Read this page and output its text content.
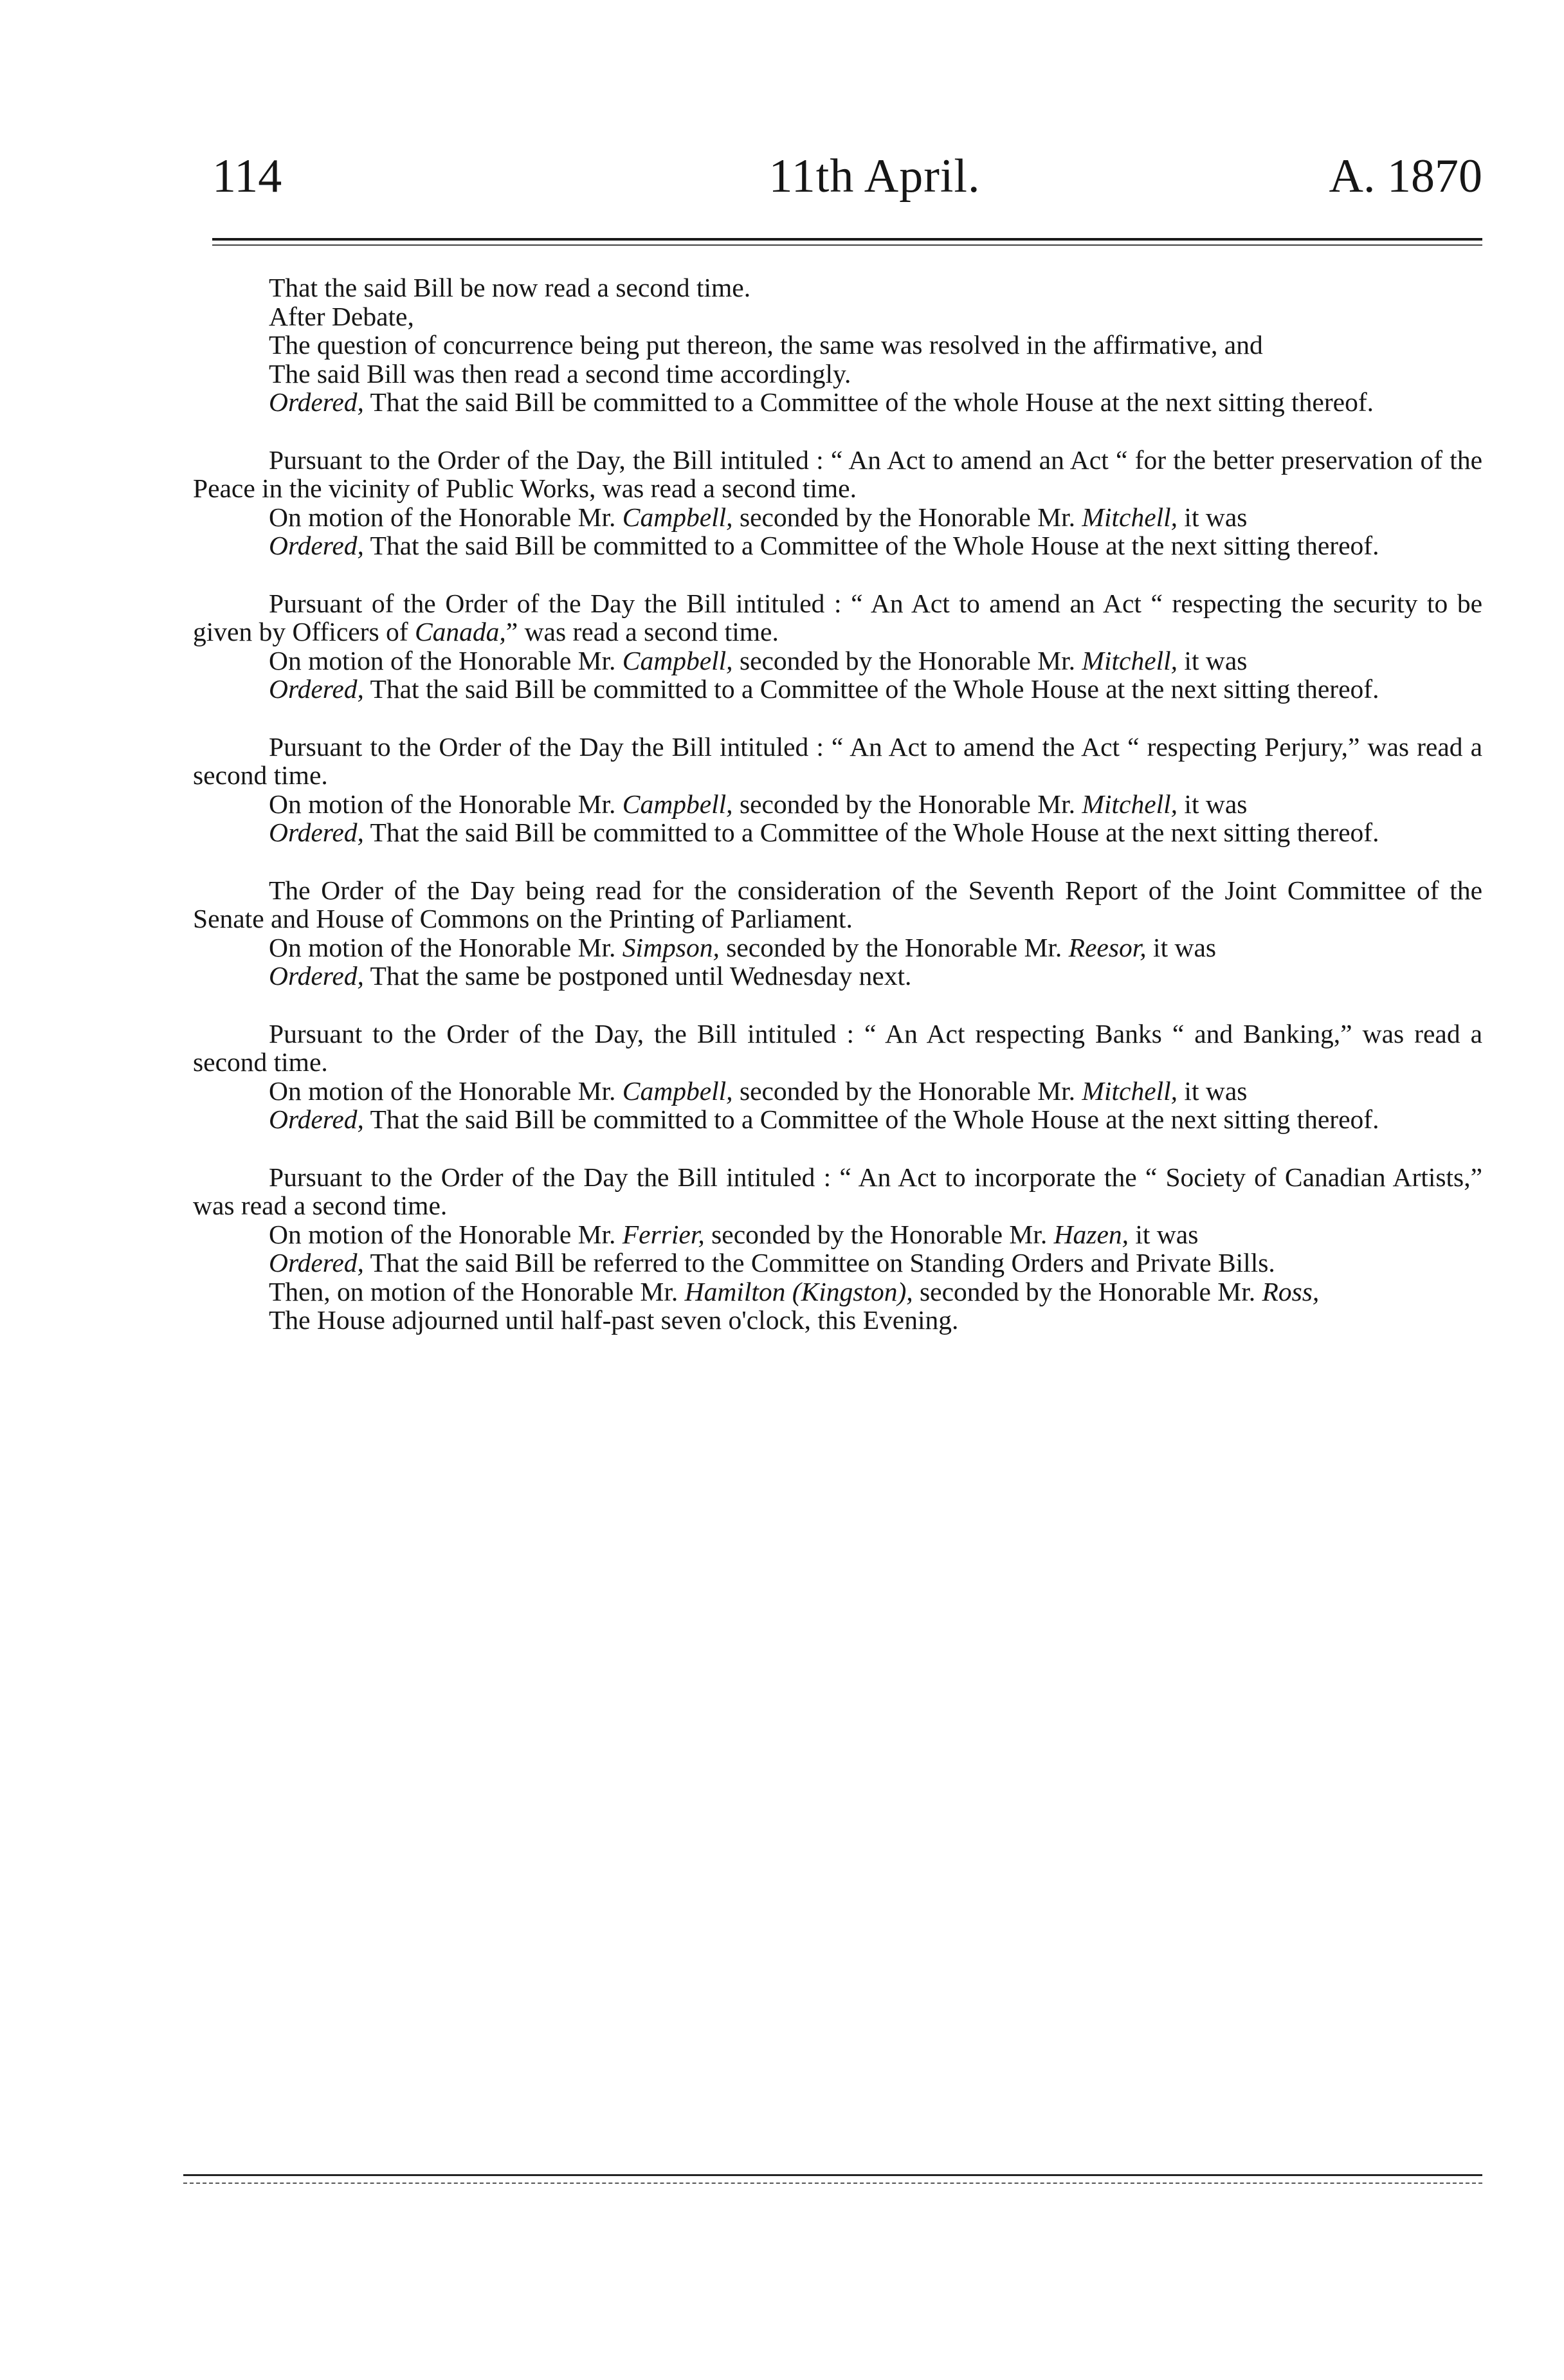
114	11th April.	A. 1870

That the said Bill be now read a second time.

After Debate,

The question of concurrence being put thereon, the same was resolved in the affirmative, and

The said Bill was then read a second time accordingly.

Ordered, That the said Bill be committed to a Committee of the whole House at the next sitting thereof.

Pursuant to the Order of the Day, the Bill intituled : “ An Act to amend an Act “ for the better preservation of the Peace in the vicinity of Public Works, was read a second time.

On motion of the Honorable Mr. Campbell, seconded by the Honorable Mr. Mitchell, it was

Ordered, That the said Bill be committed to a Committee of the Whole House at the next sitting thereof.

Pursuant of the Order of the Day the Bill intituled : “ An Act to amend an Act “ respecting the security to be given by Officers of Canada,” was read a second time.

On motion of the Honorable Mr. Campbell, seconded by the Honorable Mr. Mitchell, it was

Ordered, That the said Bill be committed to a Committee of the Whole House at the next sitting thereof.

Pursuant to the Order of the Day the Bill intituled : “ An Act to amend the Act “ respecting Perjury,” was read a second time.

On motion of the Honorable Mr. Campbell, seconded by the Honorable Mr. Mitchell, it was

Ordered, That the said Bill be committed to a Committee of the Whole House at the next sitting thereof.

The Order of the Day being read for the consideration of the Seventh Report of the Joint Committee of the Senate and House of Commons on the Printing of Parliament.

On motion of the Honorable Mr. Simpson, seconded by the Honorable Mr. Reesor, it was

Ordered, That the same be postponed until Wednesday next.

Pursuant to the Order of the Day, the Bill intituled : “ An Act respecting Banks “ and Banking,” was read a second time.

On motion of the Honorable Mr. Campbell, seconded by the Honorable Mr. Mitchell, it was

Ordered, That the said Bill be committed to a Committee of the Whole House at the next sitting thereof.

Pursuant to the Order of the Day the Bill intituled : “ An Act to incorporate the “ Society of Canadian Artists,” was read a second time.

On motion of the Honorable Mr. Ferrier, seconded by the Honorable Mr. Hazen, it was

Ordered, That the said Bill be referred to the Committee on Standing Orders and Private Bills.

Then, on motion of the Honorable Mr. Hamilton (Kingston), seconded by the Honorable Mr. Ross,

The House adjourned until half-past seven o'clock, this Evening.
